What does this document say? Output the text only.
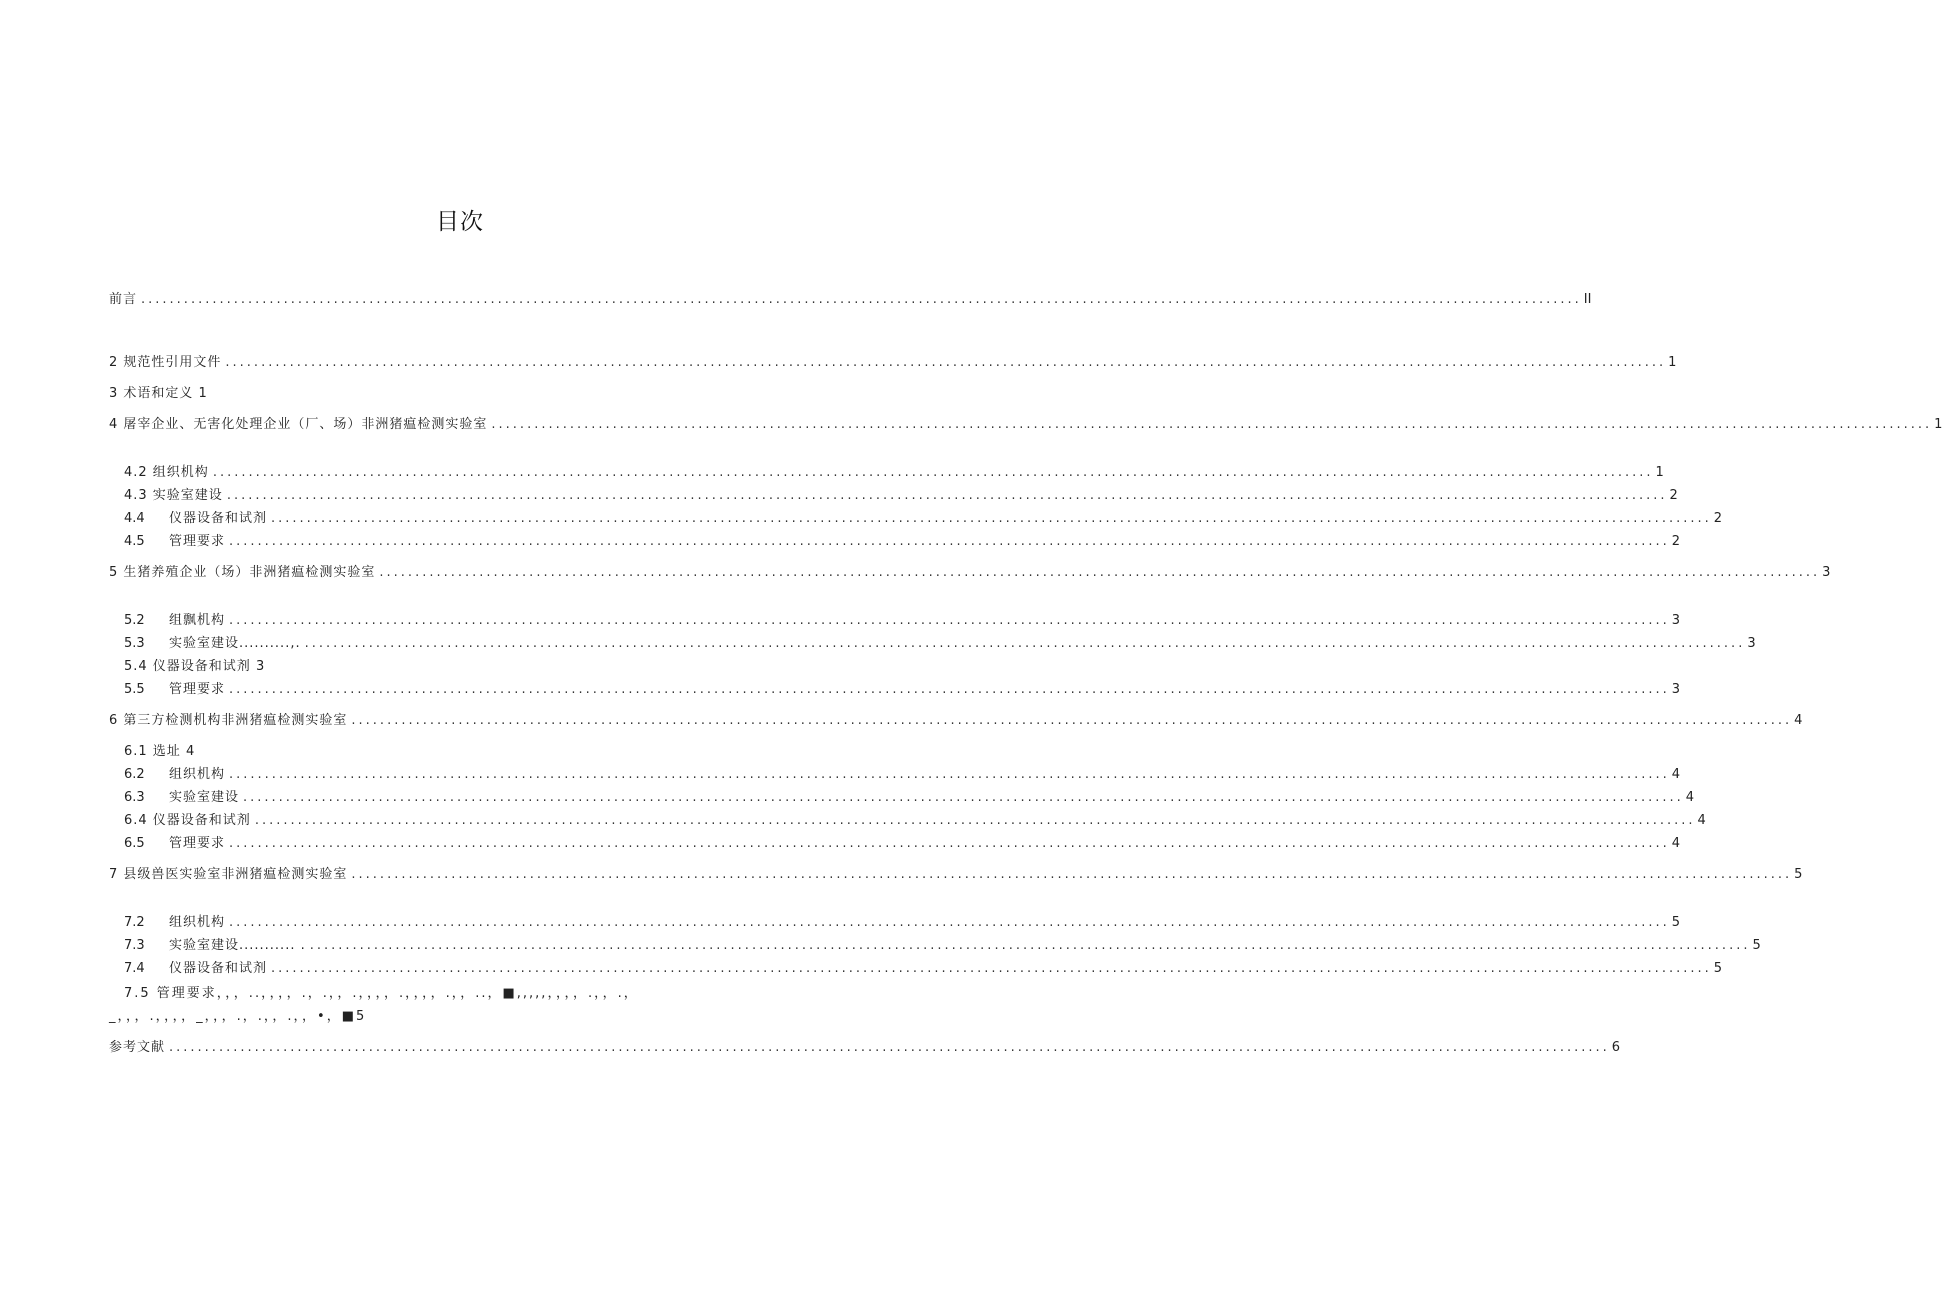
目次
前言 .......................................................................................................................................................................................................... II
2 规范性引用文件 .......................................................................................................................................................................................................... 1
3 术语和定义 1
4 屠宰企业、无害化处理企业（厂、场）非洲猪瘟检测实验室 .......................................................................................................................................................................................................... 1
4.2 组织机构 .......................................................................................................................................................................................................... 1
4.3 实验室建设 .......................................................................................................................................................................................................... 2
4.4	仪器设备和试剂 .......................................................................................................................................................................................................... 2
4.5	管理要求 .......................................................................................................................................................................................................... 2
5 生猪养殖企业（场）非洲猪瘟检测实验室 .......................................................................................................................................................................................................... 3
5.2	组飘机构 .......................................................................................................................................................................................................... 3
5.3	实验室建设..........,. .......................................................................................................................................................................................................... 3
5.4 仪器设备和试剂 3
5.5	管理要求 .......................................................................................................................................................................................................... 3
6 第三方检测机构非洲猪瘟检测实验室 .......................................................................................................................................................................................................... 4
6.1 选址 4
6.2	组织机构 .......................................................................................................................................................................................................... 4
6.3	实验室建设 .......................................................................................................................................................................................................... 4
6.4 仪器设备和试剂 .......................................................................................................................................................................................................... 4
6.5	管理要求 .......................................................................................................................................................................................................... 4
7 县级兽医实验室非洲猪瘟检测实验室 .......................................................................................................................................................................................................... 5
7.2	组织机构 .......................................................................................................................................................................................................... 5
7.3	实验室建设........... . .......................................................................................................................................................................................................... 5
7.4	仪器设备和试剂 .......................................................................................................................................................................................................... 5
7.5 管理要求，，，..，，，，.，.，，.，，，，.，，，，.，，..，■,,,,,，，，，.，，.，
_，，，.，，，，_，，，.，.，，.，，•，■5
参考文献 .......................................................................................................................................................................................................... 6
